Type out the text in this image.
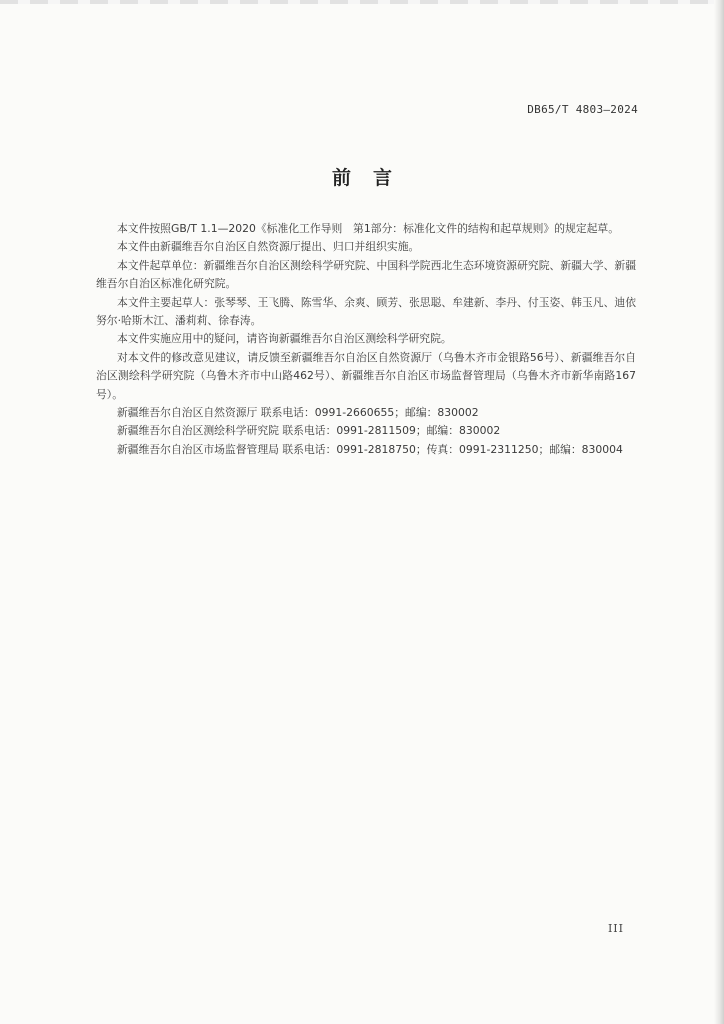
DB65/T 4803—2024
前言

本文件按照GB/T 1.1—2020《标准化工作导则　第1部分：标准化文件的结构和起草规则》的规定起草。

本文件由新疆维吾尔自治区自然资源厅提出、归口并组织实施。

本文件起草单位：新疆维吾尔自治区测绘科学研究院、中国科学院西北生态环境资源研究院、新疆大学、新疆维吾尔自治区标准化研究院。

本文件主要起草人：张琴琴、王飞腾、陈雪华、余爽、顾芳、张思聪、牟建新、李丹、付玉姿、韩玉凡、迪依努尔·哈斯木江、潘莉莉、徐春涛。

本文件实施应用中的疑问，请咨询新疆维吾尔自治区测绘科学研究院。

对本文件的修改意见建议，请反馈至新疆维吾尔自治区自然资源厅（乌鲁木齐市金银路56号）、新疆维吾尔自治区测绘科学研究院（乌鲁木齐市中山路462号）、新疆维吾尔自治区市场监督管理局（乌鲁木齐市新华南路167号）。

新疆维吾尔自治区自然资源厅 联系电话：0991-2660655；邮编：830002

新疆维吾尔自治区测绘科学研究院 联系电话：0991-2811509；邮编：830002

新疆维吾尔自治区市场监督管理局 联系电话：0991-2818750；传真：0991-2311250；邮编：830004

III
